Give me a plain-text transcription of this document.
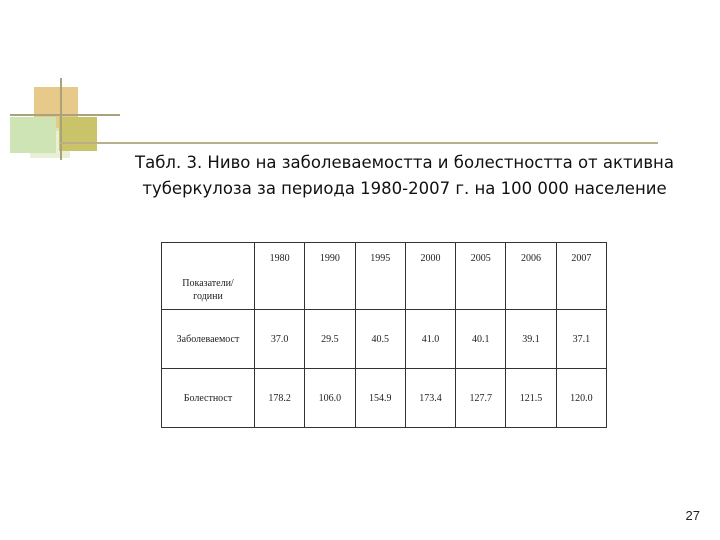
Табл. 3. Ниво на заболеваемостта и болестността от активна
туберкулоза за периода 1980-2007 г. на 100 000 население
Показатели/
години	1980	1990	1995	2000	2005	2006	2007
Заболеваемост	37.0	29.5	40.5	41.0	40.1	39.1	37.1
Болестност	178.2	106.0	154.9	173.4	127.7	121.5	120.0
27
